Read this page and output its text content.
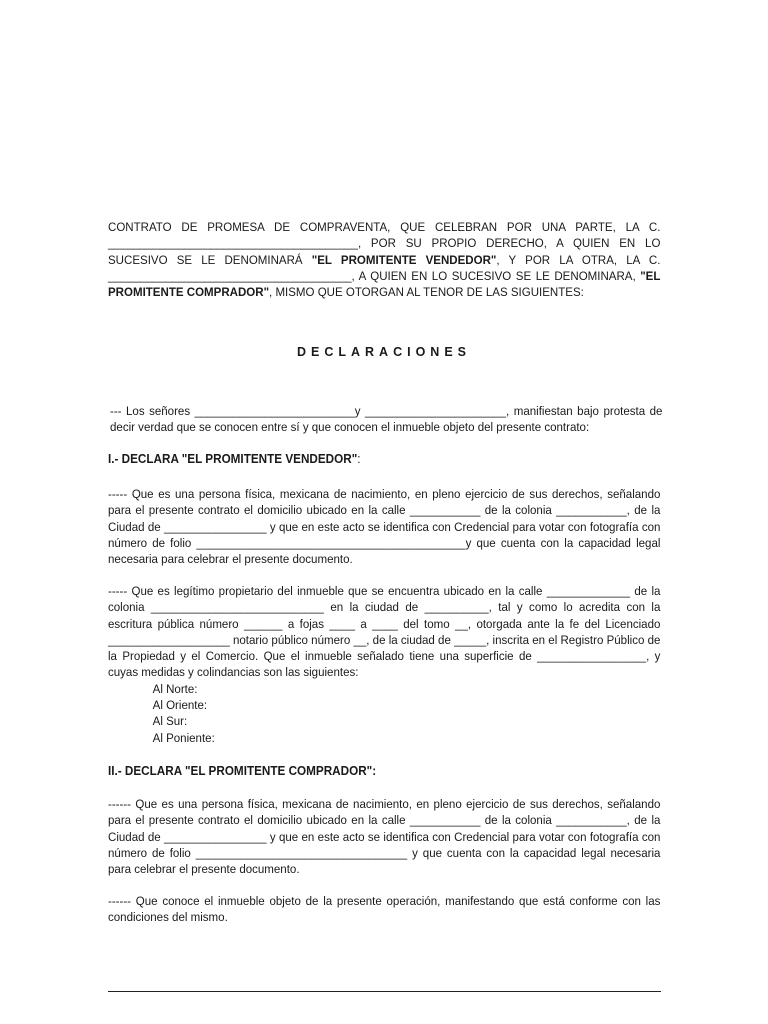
CONTRATO DE PROMESA DE COMPRAVENTA, QUE CELEBRAN POR UNA PARTE, LA C. _______________________________________, POR SU PROPIO DERECHO, A QUIEN EN LO SUCESIVO SE LE DENOMINARÁ "EL PROMITENTE VENDEDOR", Y POR LA OTRA, LA C. ______________________________________, A QUIEN EN LO SUCESIVO SE LE DENOMINARA, "EL PROMITENTE COMPRADOR", MISMO QUE OTORGAN AL TENOR DE LAS SIGUIENTES:
DECLARACIONES
--- Los señores _________________________y ______________________, manifiestan bajo protesta de decir verdad que se conocen entre sí y que conocen el inmueble objeto del presente contrato:
I.- DECLARA "EL PROMITENTE VENDEDOR":
----- Que es una persona física, mexicana de nacimiento, en pleno ejercicio de sus derechos, señalando para el presente contrato el domicilio ubicado en la calle ___________ de la colonia ___________, de la Ciudad de ________________ y que en este acto se identifica con Credencial para votar con fotografía con número de folio __________________________________________y que cuenta con la capacidad legal necesaria para celebrar el presente documento.
----- Que es legítimo propietario del inmueble que se encuentra ubicado en la calle _____________ de la colonia ___________________________ en la ciudad de __________, tal y como lo acredita con la escritura pública número ______ a fojas ____ a ____ del tomo __, otorgada ante la fe del Licenciado ___________________ notario público número __, de la ciudad de _____, inscrita en el Registro Público de la Propiedad y el Comercio. Que el inmueble señalado tiene una superficie de _________________, y cuyas medidas y colindancias son las siguientes:
Al Norte:
Al Oriente:
Al Sur:
Al Poniente:
II.- DECLARA "EL PROMITENTE COMPRADOR":
------ Que es una persona física, mexicana de nacimiento, en pleno ejercicio de sus derechos, señalando para el presente contrato el domicilio ubicado en la calle ___________ de la colonia ___________, de la Ciudad de ________________ y que en este acto se identifica con Credencial para votar con fotografía con número de folio _________________________________ y que cuenta con la capacidad legal necesaria para celebrar el presente documento.
------ Que conoce el inmueble objeto de la presente operación, manifestando que está conforme con las condiciones del mismo.
